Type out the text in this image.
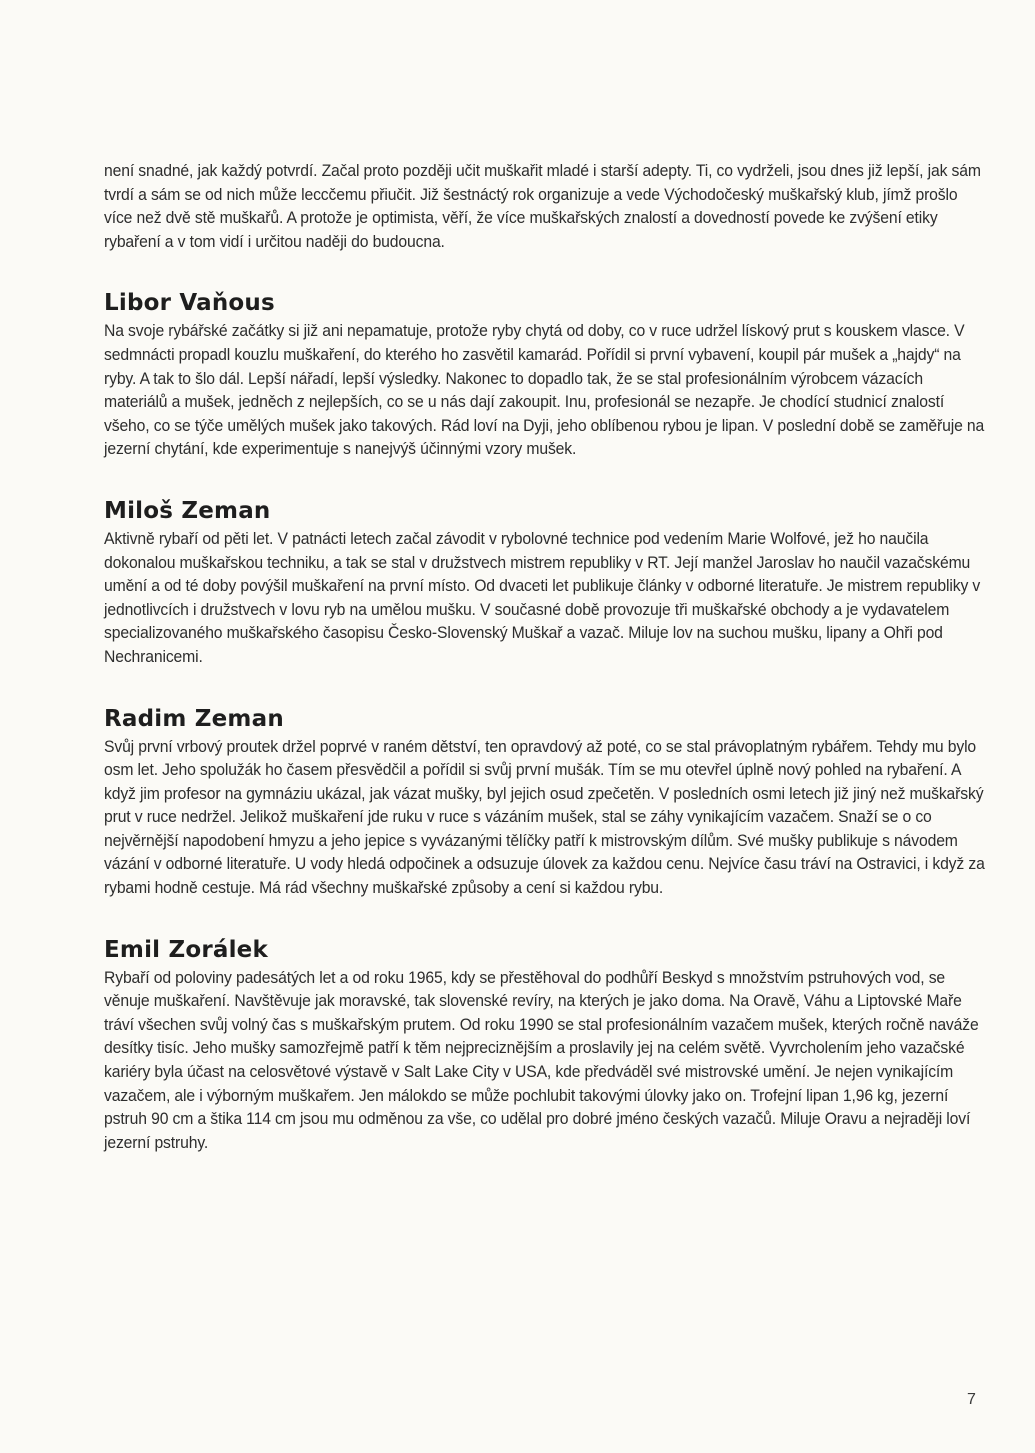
není snadné, jak každý potvrdí. Začal proto později učit muškařit mladé i starší adepty. Ti, co vydrželi, jsou dnes již lepší, jak sám tvrdí a sám se od nich může leccčemu přiučit. Již šestnáctý rok organizuje a vede Východočeský muškařský klub, jímž prošlo více než dvě stě muškařů. A protože je optimista, věří, že více muškařských znalostí a dovedností povede ke zvýšení etiky rybaření a v tom vidí i určitou naději do budoucna.

Libor Vaňous

Na svoje rybářské začátky si již ani nepamatuje, protože ryby chytá od doby, co v ruce udržel lískový prut s kouskem vlasce. V sedmnácti propadl kouzlu muškaření, do kterého ho zasvětil kamarád. Pořídil si první vybavení, koupil pár mušek a „hajdy“ na ryby. A tak to šlo dál. Lepší nářadí, lepší výsledky. Nakonec to dopadlo tak, že se stal profesionálním výrobcem vázacích materiálů a mušek, jedněch z nejlepších, co se u nás dají zakoupit. Inu, profesionál se nezapře. Je chodící studnicí znalostí všeho, co se týče umělých mušek jako takových. Rád loví na Dyji, jeho oblíbenou rybou je lipan. V poslední době se zaměřuje na jezerní chytání, kde experimentuje s nanejvýš účinnými vzory mušek.

Miloš Zeman

Aktivně rybaří od pěti let. V patnácti letech začal závodit v rybolovné technice pod vedením Marie Wolfové, jež ho naučila dokonalou muškařskou techniku, a tak se stal v družstvech mistrem republiky v RT. Její manžel Jaroslav ho naučil vazačskému umění a od té doby povýšil muškaření na první místo. Od dvaceti let publikuje články v odborné literatuře. Je mistrem republiky v jednotlivcích i družstvech v lovu ryb na umělou mušku. V současné době provozuje tři muškařské obchody a je vydavatelem specializovaného muškařského časopisu Česko-Slovenský Muškař a vazač. Miluje lov na suchou mušku, lipany a Ohři pod Nechranicemi.

Radim Zeman

Svůj první vrbový proutek držel poprvé v raném dětství, ten opravdový až poté, co se stal právoplatným rybářem. Tehdy mu bylo osm let. Jeho spolužák ho časem přesvědčil a pořídil si svůj první mušák. Tím se mu otevřel úplně nový pohled na rybaření. A když jim profesor na gymnáziu ukázal, jak vázat mušky, byl jejich osud zpečetěn. V posledních osmi letech již jiný než muškařský prut v ruce nedržel. Jelikož muškaření jde ruku v ruce s vázáním mušek, stal se záhy vynikajícím vazačem. Snaží se o co nejvěrnější napodobení hmyzu a jeho jepice s vyvázanými tělíčky patří k mistrovským dílům. Své mušky publikuje s návodem vázání v odborné literatuře. U vody hledá odpočinek a odsuzuje úlovek za každou cenu. Nejvíce času tráví na Ostravici, i když za rybami hodně cestuje. Má rád všechny muškařské způsoby a cení si každou rybu.

Emil Zorálek

Rybaří od poloviny padesátých let a od roku 1965, kdy se přestěhoval do podhůří Beskyd s množstvím pstruhových vod, se věnuje muškaření. Navštěvuje jak moravské, tak slovenské revíry, na kterých je jako doma. Na Oravě, Váhu a Liptovské Maře tráví všechen svůj volný čas s muškařským prutem. Od roku 1990 se stal profesionálním vazačem mušek, kterých ročně naváže desítky tisíc. Jeho mušky samozřejmě patří k těm nejpreciznějším a proslavily jej na celém světě. Vyvrcholením jeho vazačské kariéry byla účast na celosvětové výstavě v Salt Lake City v USA, kde předváděl své mistrovské umění. Je nejen vynikajícím vazačem, ale i výborným muškařem. Jen málokdo se může pochlubit takovými úlovky jako on. Trofejní lipan 1,96 kg, jezerní pstruh 90 cm a štika 114 cm jsou mu odměnou za vše, co udělal pro dobré jméno českých vazačů. Miluje Oravu a nejraději loví jezerní pstruhy.

7
